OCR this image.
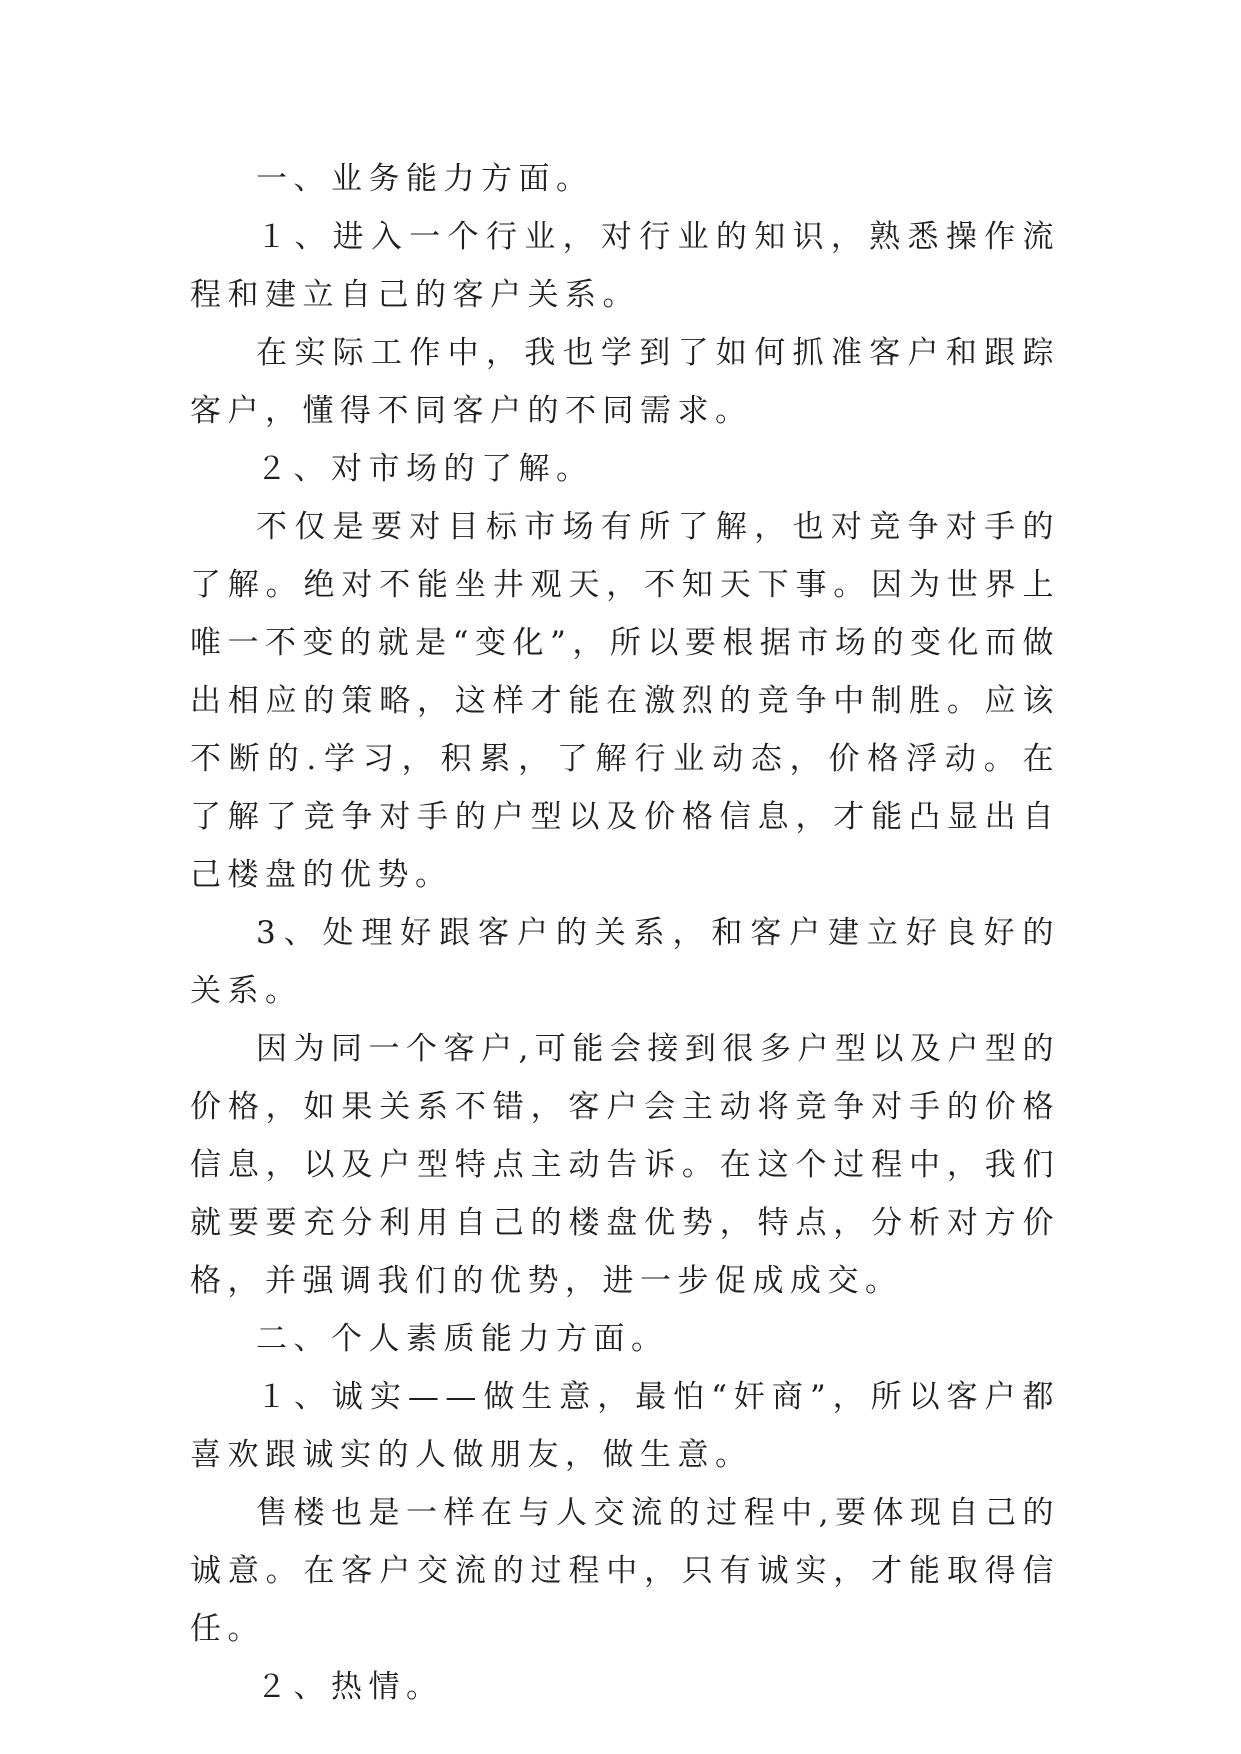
一、业务能力方面。

１、进入一个行业，对行业的知识，熟悉操作流程和建立自己的客户关系。

在实际工作中，我也学到了如何抓准客户和跟踪客户，懂得不同客户的不同需求。

２、对市场的了解。

不仅是要对目标市场有所了解，也对竞争对手的了解。绝对不能坐井观天，不知天下事。因为世界上唯一不变的就是“变化”，所以要根据市场的变化而做出相应的策略，这样才能在激烈的竞争中制胜。应该不断的.学习，积累，了解行业动态，价格浮动。在了解了竞争对手的户型以及价格信息，才能凸显出自己楼盘的优势。

3、处理好跟客户的关系，和客户建立好良好的关系。

因为同一个客户,可能会接到很多户型以及户型的价格，如果关系不错，客户会主动将竞争对手的价格信息，以及户型特点主动告诉。在这个过程中，我们就要要充分利用自己的楼盘优势，特点，分析对方价格，并强调我们的优势，进一步促成成交。

二、个人素质能力方面。

１、诚实——做生意，最怕“奸商”，所以客户都喜欢跟诚实的人做朋友，做生意。

售楼也是一样在与人交流的过程中,要体现自己的诚意。在客户交流的过程中，只有诚实，才能取得信任。

２、热情。
